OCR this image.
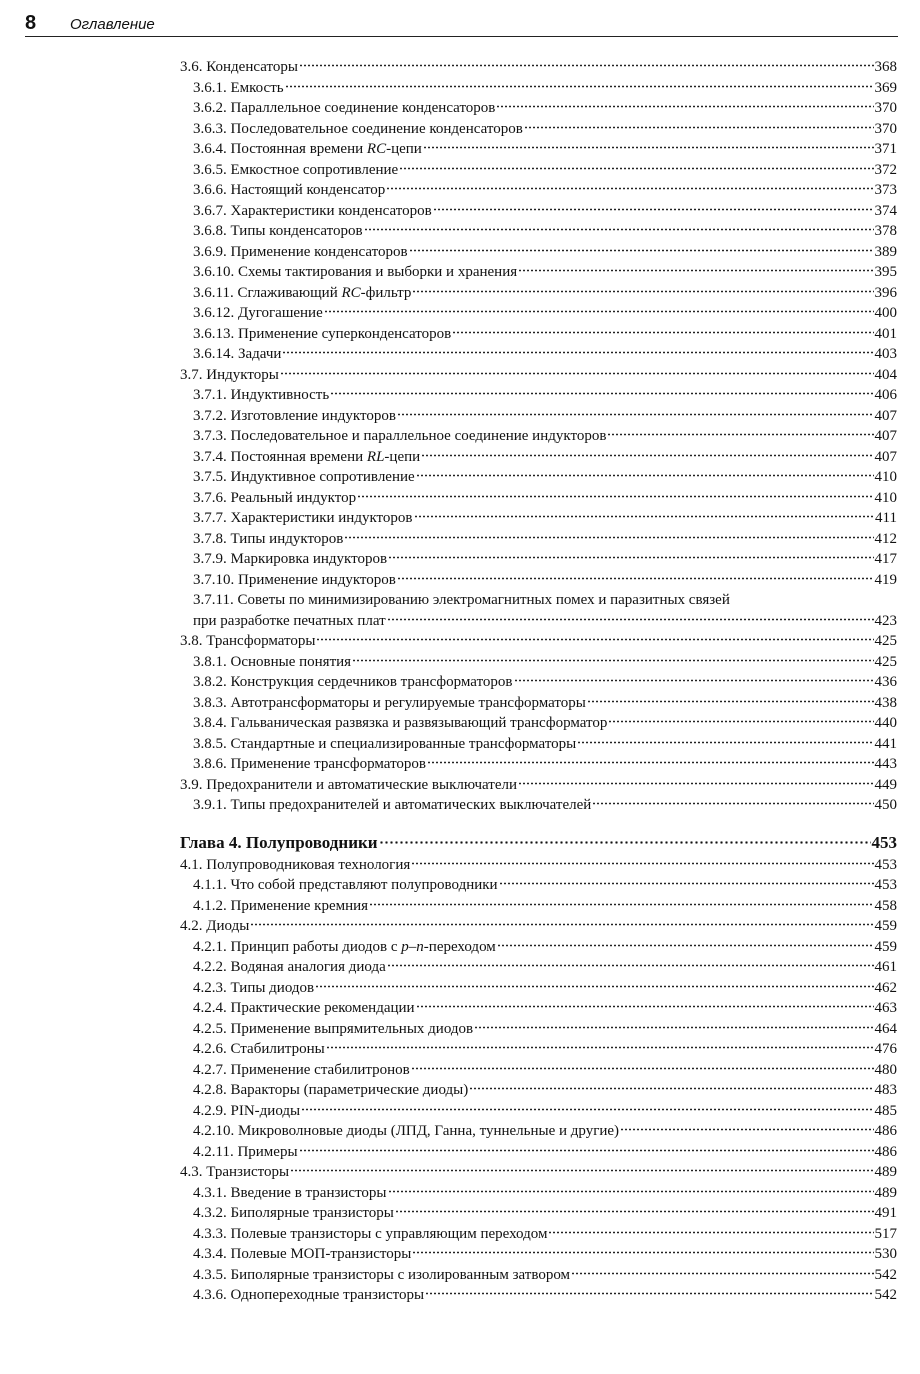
8 Оглавление
3.6. Конденсаторы	368
3.6.1. Емкость	369
3.6.2. Параллельное соединение конденсаторов	370
3.6.3. Последовательное соединение конденсаторов	370
3.6.4. Постоянная времени RC-цепи	371
3.6.5. Емкостное сопротивление	372
3.6.6. Настоящий конденсатор	373
3.6.7. Характеристики конденсаторов	374
3.6.8. Типы конденсаторов	378
3.6.9. Применение конденсаторов	389
3.6.10. Схемы тактирования и выборки и хранения	395
3.6.11. Сглаживающий RC-фильтр	396
3.6.12. Дугогашение	400
3.6.13. Применение суперконденсаторов	401
3.6.14. Задачи	403
3.7. Индукторы	404
3.7.1. Индуктивность	406
3.7.2. Изготовление индукторов	407
3.7.3. Последовательное и параллельное соединение индукторов	407
3.7.4. Постоянная времени RL-цепи	407
3.7.5. Индуктивное сопротивление	410
3.7.6. Реальный индуктор	410
3.7.7. Характеристики индукторов	411
3.7.8. Типы индукторов	412
3.7.9. Маркировка индукторов	417
3.7.10. Применение индукторов	419
3.7.11. Советы по минимизированию электромагнитных помех и паразитных связей
при разработке печатных плат	423
3.8. Трансформаторы	425
3.8.1. Основные понятия	425
3.8.2. Конструкция сердечников трансформаторов	436
3.8.3. Автотрансформаторы и регулируемые трансформаторы	438
3.8.4. Гальваническая развязка и развязывающий трансформатор	440
3.8.5. Стандартные и специализированные трансформаторы	441
3.8.6. Применение трансформаторов	443
3.9. Предохранители и автоматические выключатели	449
3.9.1. Типы предохранителей и автоматических выключателей	450
Глава 4. Полупроводники	453
4.1. Полупроводниковая технология	453
4.1.1. Что собой представляют полупроводники	453
4.1.2. Применение кремния	458
4.2. Диоды	459
4.2.1. Принцип работы диодов с p–n-переходом	459
4.2.2. Водяная аналогия диода	461
4.2.3. Типы диодов	462
4.2.4. Практические рекомендации	463
4.2.5. Применение выпрямительных диодов	464
4.2.6. Стабилитроны	476
4.2.7. Применение стабилитронов	480
4.2.8. Варакторы (параметрические диоды)	483
4.2.9. PIN-диоды	485
4.2.10. Микроволновые диоды (ЛПД, Ганна, туннельные и другие)	486
4.2.11. Примеры	486
4.3. Транзисторы	489
4.3.1. Введение в транзисторы	489
4.3.2. Биполярные транзисторы	491
4.3.3. Полевые транзисторы с управляющим переходом	517
4.3.4. Полевые МОП-транзисторы	530
4.3.5. Биполярные транзисторы с изолированным затвором	542
4.3.6. Однопереходные транзисторы	542
